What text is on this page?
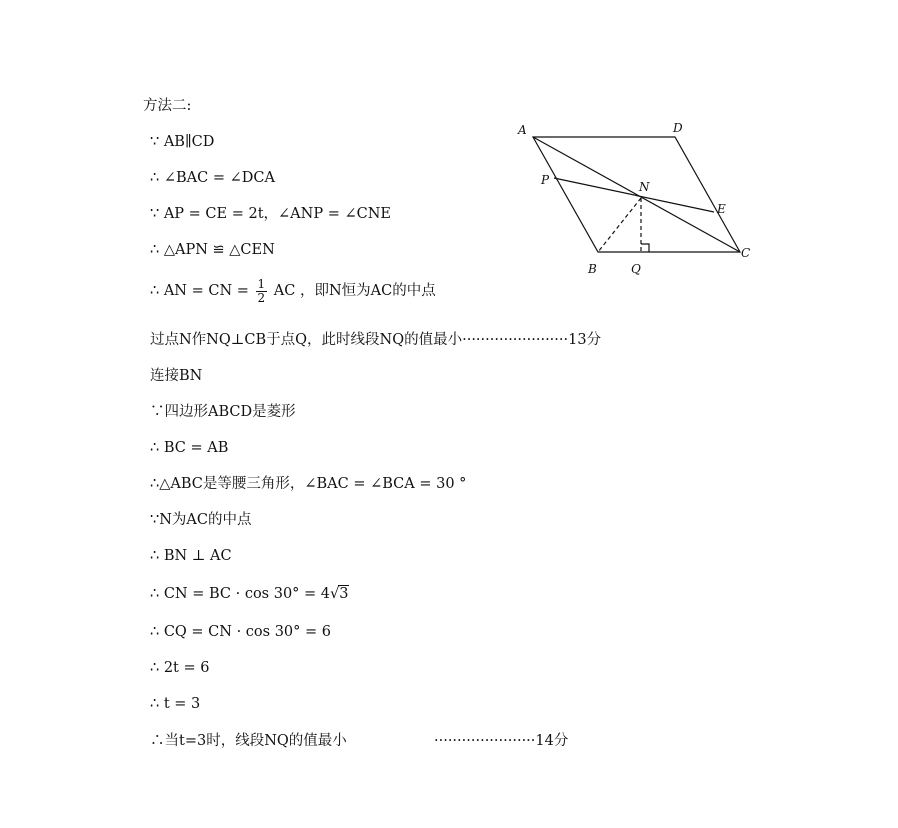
方法二:
∵ AB∥CD
∴ ∠BAC = ∠DCA
∵ AP = CE = 2t，∠ANP = ∠CNE
∴ △APN ≌ △CEN
∴ AN = CN = $\frac{1}{2}$ AC ，即N恒为AC的中点
过点N作NQ⊥CB于点Q，此时线段NQ的值最小·······················13分
连接BN
∵四边形ABCD是菱形
∴ BC = AB
∴△ABC是等腰三角形，∠BAC = ∠BCA = 30 °
∵N为AC的中点
∴ BN ⊥ AC
∴ CN = BC · cos 30° = 4√3
∴ CQ = CN · cos 30° = 6
∴ 2t = 6
∴ t = 3
∴当t=3时，线段NQ的值最小	······················14分
A	D
C
B
P	N
E
Q
